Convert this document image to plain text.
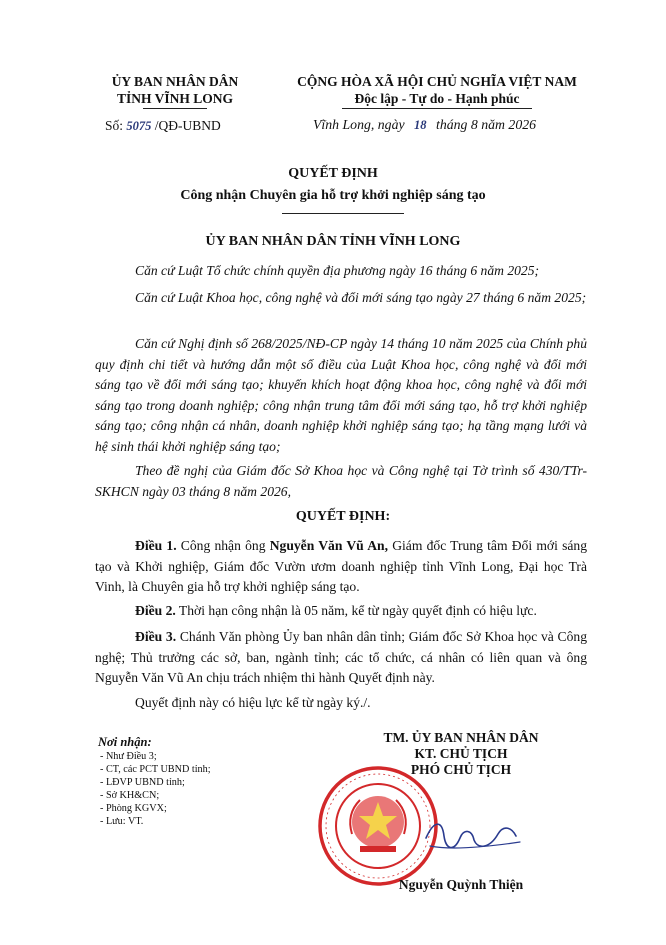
ỦY BAN NHÂN DÂN
TỈNH VĨNH LONG
Số: 5075 /QĐ-UBND
CỘNG HÒA XÃ HỘI CHỦ NGHĨA VIỆT NAM
Độc lập - Tự do - Hạnh phúc
Vĩnh Long, ngày 18 tháng 8 năm 2026
QUYẾT ĐỊNH
Công nhận Chuyên gia hỗ trợ khởi nghiệp sáng tạo
ỦY BAN NHÂN DÂN TỈNH VĨNH LONG
Căn cứ Luật Tổ chức chính quyền địa phương ngày 16 tháng 6 năm 2025;
Căn cứ Luật Khoa học, công nghệ và đổi mới sáng tạo ngày 27 tháng 6 năm 2025;
Căn cứ Nghị định số 268/2025/NĐ-CP ngày 14 tháng 10 năm 2025 của Chính phủ quy định chi tiết và hướng dẫn một số điều của Luật Khoa học, công nghệ và đổi mới sáng tạo về đổi mới sáng tạo; khuyến khích hoạt động khoa học, công nghệ và đổi mới sáng tạo trong doanh nghiệp; công nhận trung tâm đổi mới sáng tạo, hỗ trợ khởi nghiệp sáng tạo; công nhận cá nhân, doanh nghiệp khởi nghiệp sáng tạo; hạ tầng mạng lưới và hệ sinh thái khởi nghiệp sáng tạo;
Theo đề nghị của Giám đốc Sở Khoa học và Công nghệ tại Tờ trình số 430/TTr-SKHCN ngày 03 tháng 8 năm 2026,
QUYẾT ĐỊNH:
Điều 1. Công nhận ông Nguyễn Văn Vũ An, Giám đốc Trung tâm Đổi mới sáng tạo và Khởi nghiệp, Giám đốc Vườn ươm doanh nghiệp tỉnh Vĩnh Long, Đại học Trà Vinh, là Chuyên gia hỗ trợ khởi nghiệp sáng tạo.
Điều 2. Thời hạn công nhận là 05 năm, kể từ ngày quyết định có hiệu lực.
Điều 3. Chánh Văn phòng Ủy ban nhân dân tỉnh; Giám đốc Sở Khoa học và Công nghệ; Thủ trưởng các sở, ban, ngành tỉnh; các tổ chức, cá nhân có liên quan và ông Nguyễn Văn Vũ An chịu trách nhiệm thi hành Quyết định này.
Quyết định này có hiệu lực kể từ ngày ký./.
Nơi nhận:
- Như Điều 3;
- CT, các PCT UBND tỉnh;
- LĐVP UBND tỉnh;
- Sở KH&CN;
- Phòng KGVX;
- Lưu: VT.
TM. ỦY BAN NHÂN DÂN
KT. CHỦ TỊCH
PHÓ CHỦ TỊCH
Nguyễn Quỳnh Thiện
